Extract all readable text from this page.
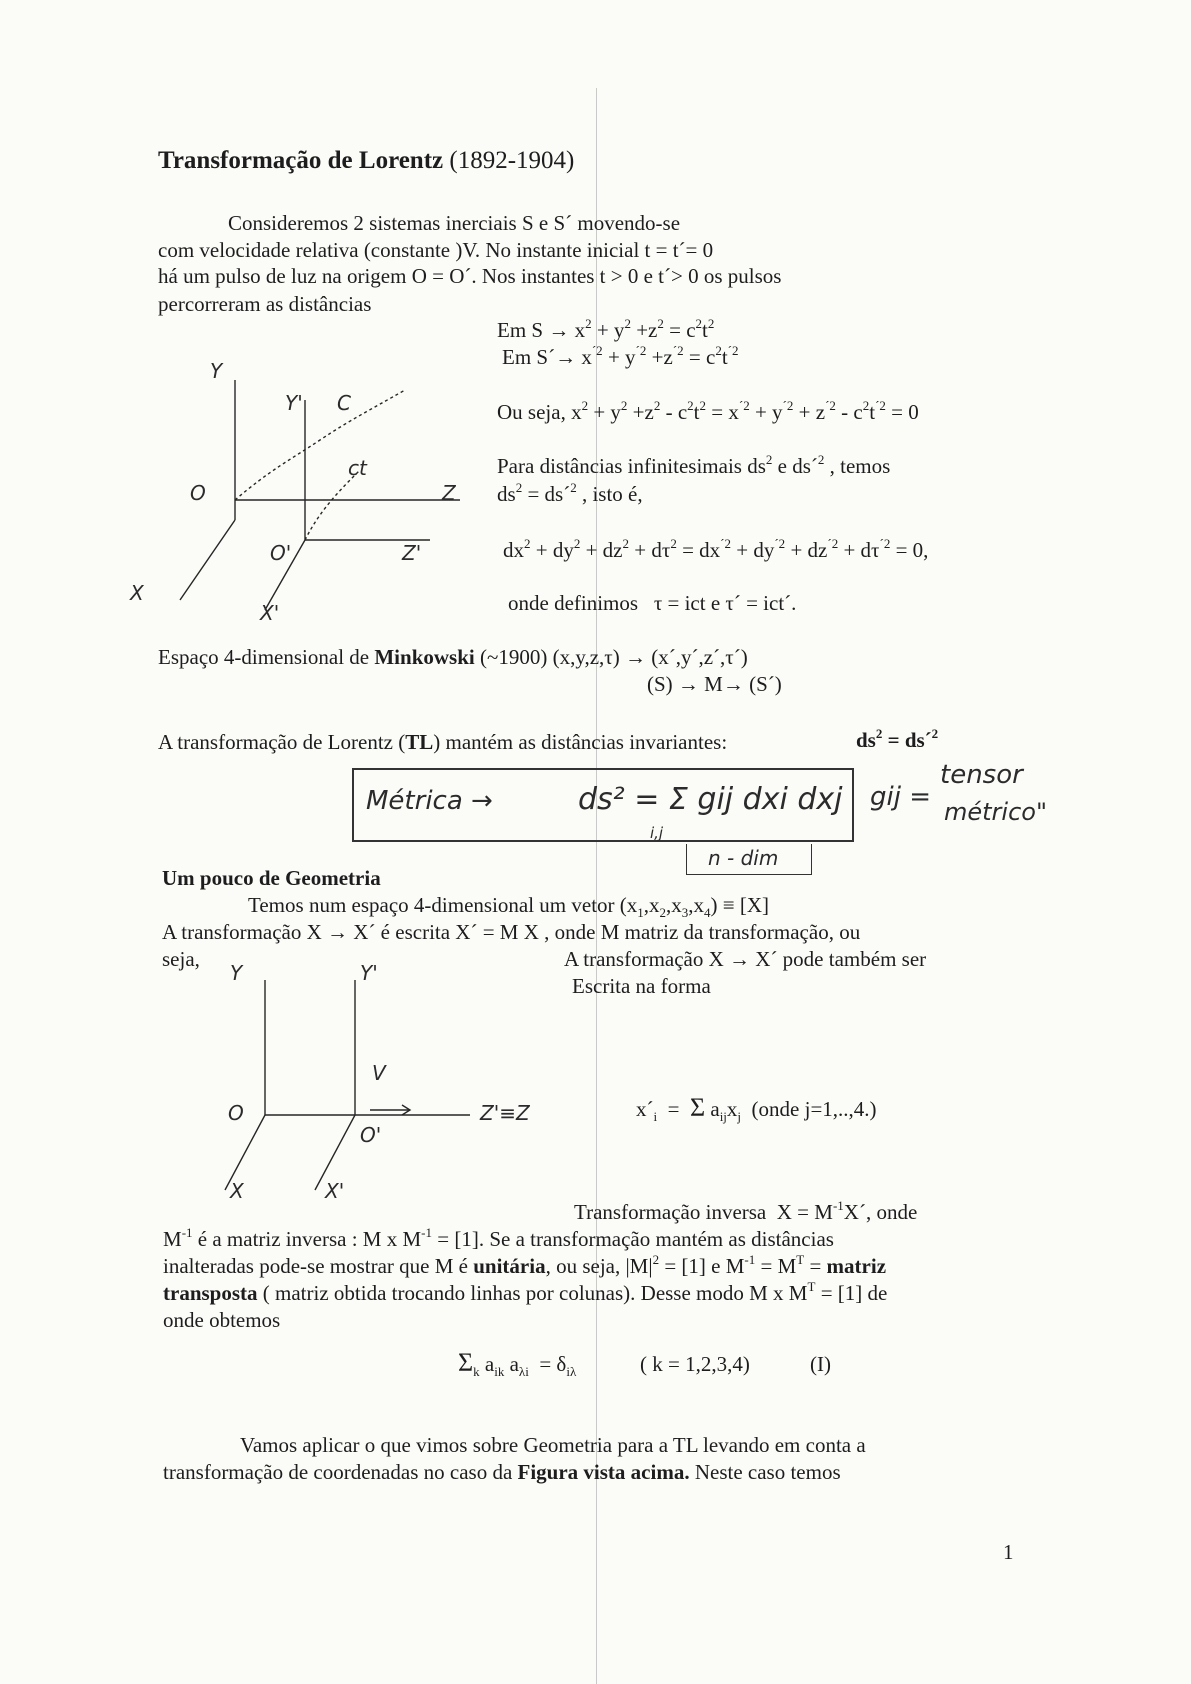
Transformação de Lorentz (1892-1904)
Consideremos 2 sistemas inerciais S e S´ movendo-se
com velocidade relativa (constante )V. No instante inicial t = t´= 0
há um pulso de luz na origem O = O´. Nos instantes t > 0 e t´> 0 os pulsos
percorreram as distâncias
Em $S \to x^2 + y^2 +z^2 = c^2t^2$
Em S´→ $x^{´2} + y^{´2} +z^{´2} = c^2t^{´2}$
Ou seja, $x^2 + y^2 +z^2 - c^2t^2 = x^{´2} + y^{´2} + z^{´2} - c^2t^{´2} = 0$
Para distâncias infinitesimais $ds^2$ e ds´$^2$ , temos
$ds^2$ = ds´$^2$ , isto é,
$dx^2 + dy^2 + dz^2 + d\tau^2 = dx^{´2} + dy^{´2} + dz^{´2} + d\tau^{´2} = 0$,
onde definimos τ = ict e τ´ = ict´.
Y
Y' C
ct
O
O'
Z
Z'
X
X'
Espaço 4-dimensional de Minkowski (~1900) (x,y,z,τ) → (x´,y´,z´,τ´)
(S) → M→ (S´)
A transformação de Lorentz (TL) mantém as distâncias invariantes:	$ds^2$ = ds´$^2$
Métrica →	ds² = Σ gij dxi dxj
i,j
n - dim
gij =
tensor
métrico"
Um pouco de Geometria
Temos num espaço 4-dimensional um vetor $(x_1,x_2,x_3,x_4) \equiv [X]$
A transformação X → X´ é escrita X´ = M X , onde M matriz da transformação, ou
seja,	A transformação X → X´ pode também ser
Escrita na forma
Y	Y'
V
O
O'
Z'≡Z
X	X'
$x´_i = \Sigma$ $a_{ij}x_j$  (onde j=1,..,4.)
Transformação inversa  $X = M^{-1}X´$, onde
$M^{-1}$ é a matriz inversa : M x $M^{-1} = [1]$. Se a transformação mantém as distâncias
inalteradas pode-se mostrar que M é unitária, ou seja, $|M|^2 = [1]$ e $M^{-1} = M^T$ = matriz
transposta ( matriz obtida trocando linhas por colunas). Desse modo M x $M^T = [1]$ de
onde obtemos
$\Sigma_k$ $a_{ik}$ $a_{\lambda i} = \delta_{i\lambda}$	( k = 1,2,3,4)	(I)
Vamos aplicar o que vimos sobre Geometria para a TL levando em conta a
transformação de coordenadas no caso da Figura vista acima. Neste caso temos
1
